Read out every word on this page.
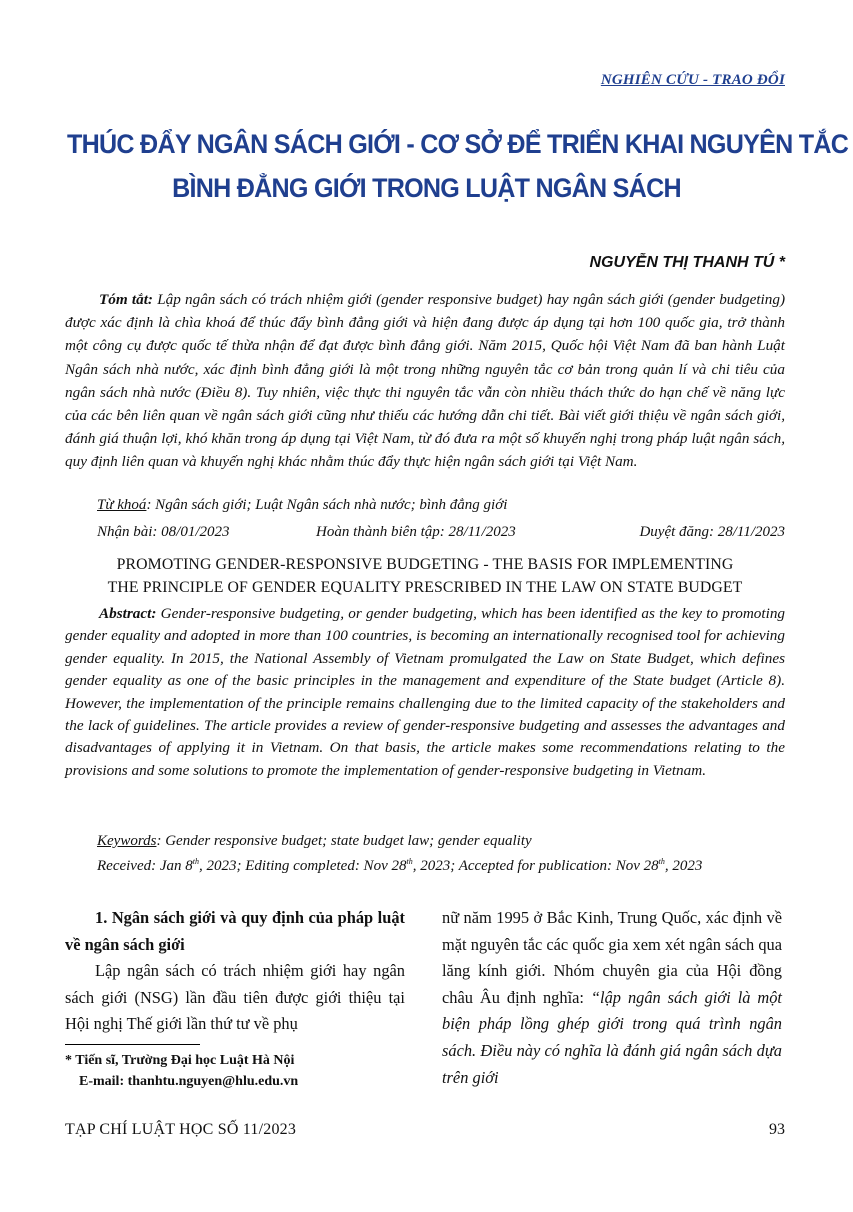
NGHIÊN CỨU - TRAO ĐỔI
THÚC ĐẨY NGÂN SÁCH GIỚI - CƠ SỞ ĐỂ TRIỂN KHAI NGUYÊN TẮC
BÌNH ĐẲNG GIỚI TRONG LUẬT NGÂN SÁCH
NGUYỄN THỊ THANH TÚ *
Tóm tắt: Lập ngân sách có trách nhiệm giới (gender responsive budget) hay ngân sách giới (gender budgeting) được xác định là chìa khoá để thúc đẩy bình đẳng giới và hiện đang được áp dụng tại hơn 100 quốc gia, trở thành một công cụ được quốc tế thừa nhận để đạt được bình đẳng giới. Năm 2015, Quốc hội Việt Nam đã ban hành Luật Ngân sách nhà nước, xác định bình đẳng giới là một trong những nguyên tắc cơ bản trong quản lí và chi tiêu của ngân sách nhà nước (Điều 8). Tuy nhiên, việc thực thi nguyên tắc vẫn còn nhiều thách thức do hạn chế về năng lực của các bên liên quan về ngân sách giới cũng như thiếu các hướng dẫn chi tiết. Bài viết giới thiệu về ngân sách giới, đánh giá thuận lợi, khó khăn trong áp dụng tại Việt Nam, từ đó đưa ra một số khuyến nghị trong pháp luật ngân sách, quy định liên quan và khuyến nghị khác nhằm thúc đẩy thực hiện ngân sách giới tại Việt Nam.
Từ khoá: Ngân sách giới; Luật Ngân sách nhà nước; bình đẳng giới
Nhận bài: 08/01/2023	Hoàn thành biên tập: 28/11/2023	Duyệt đăng: 28/11/2023
PROMOTING GENDER-RESPONSIVE BUDGETING - THE BASIS FOR IMPLEMENTING
THE PRINCIPLE OF GENDER EQUALITY PRESCRIBED IN THE LAW ON STATE BUDGET
Abstract: Gender-responsive budgeting, or gender budgeting, which has been identified as the key to promoting gender equality and adopted in more than 100 countries, is becoming an internationally recognised tool for achieving gender equality. In 2015, the National Assembly of Vietnam promulgated the Law on State Budget, which defines gender equality as one of the basic principles in the management and expenditure of the State budget (Article 8). However, the implementation of the principle remains challenging due to the limited capacity of the stakeholders and the lack of guidelines. The article provides a review of gender-responsive budgeting and assesses the advantages and disadvantages of applying it in Vietnam. On that basis, the article makes some recommendations relating to the provisions and some solutions to promote the implementation of gender-responsive budgeting in Vietnam.
Keywords: Gender responsive budget; state budget law; gender equality
Received: Jan 8th, 2023; Editing completed: Nov 28th, 2023; Accepted for publication: Nov 28th, 2023
1. Ngân sách giới và quy định của pháp luật về ngân sách giới
Lập ngân sách có trách nhiệm giới hay ngân sách giới (NSG) lần đầu tiên được giới thiệu tại Hội nghị Thế giới lần thứ tư về phụ
nữ năm 1995 ở Bắc Kinh, Trung Quốc, xác định về mặt nguyên tắc các quốc gia xem xét ngân sách qua lăng kính giới. Nhóm chuyên gia của Hội đồng châu Âu định nghĩa: “lập ngân sách giới là một biện pháp lồng ghép giới trong quá trình ngân sách. Điều này có nghĩa là đánh giá ngân sách dựa trên giới
* Tiến sĩ, Trường Đại học Luật Hà Nội
E-mail: thanhtu.nguyen@hlu.edu.vn
TẠP CHÍ LUẬT HỌC SỐ 11/2023	93
